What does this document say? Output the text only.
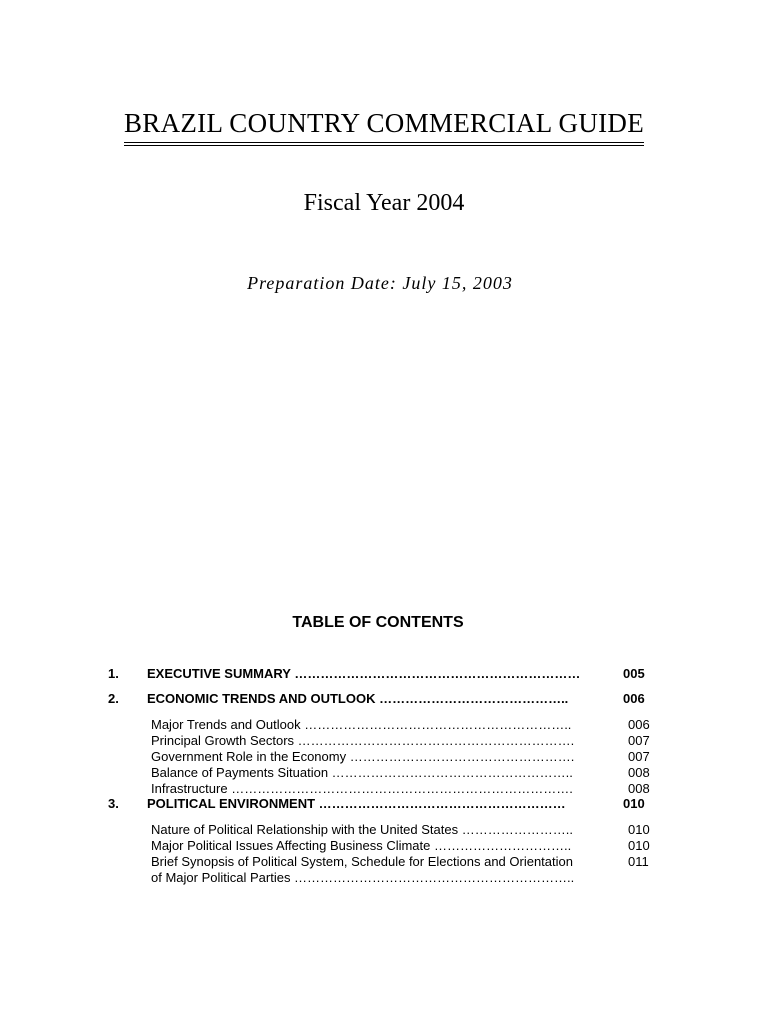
BRAZIL COUNTRY COMMERCIAL GUIDE
Fiscal Year 2004
Preparation Date: July 15, 2003
TABLE OF CONTENTS
1. EXECUTIVE SUMMARY …………………………………………………………	005
2. ECONOMIC TRENDS AND OUTLOOK ……………………………………..	006
Major Trends and Outlook ……………………………………………………..	006
Principal Growth Sectors ……………………………………………………….	007
Government Role in the Economy …………………………………………….	007
Balance of Payments Situation ………………………………………………..	008
Infrastructure …………………………………………………………………….	008
3. POLITICAL ENVIRONMENT …………………………………………………	010
Nature of Political Relationship with the United States ……………………..	010
Major Political Issues Affecting Business Climate …………………………..	010
Brief Synopsis of Political System, Schedule for Elections and Orientation	011
of Major Political Parties ………………………………………………………..
